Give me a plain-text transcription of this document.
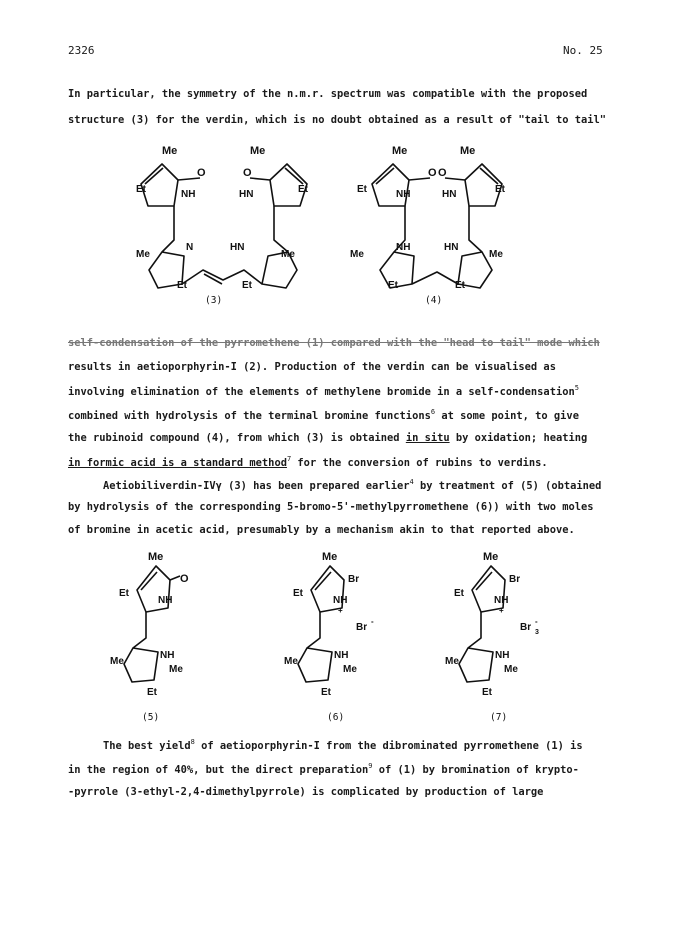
2326	No. 25
In particular, the symmetry of the n.m.r. spectrum was compatible with the proposed
structure (3) for the verdin, which is no doubt obtained as a result of "tail to tail"
Me	Me
O	O
Et	Et
NH	HN
Me
N	HN
Me
Et	Et
(3)
Me	Me
O O
Et	Et
NH	HN
Me
NH	HN
Me
Et	Et
(4)
self-condensation of the pyrromethene (1) compared with the "head to tail" mode which
results in aetioporphyrin-I (2). Production of the verdin can be visualised as
involving elimination of the elements of methylene bromide in a self-condensation$^5$
combined with hydrolysis of the terminal bromine functions$^6$ at some point, to give
the rubinoid compound (4), from which (3) is obtained in situ by oxidation; heating
in formic acid is a standard method$^7$ for the conversion of rubins to verdins.
Aetiobiliverdin-IVγ (3) has been prepared earlier$^4$ by treatment of (5) (obtained
by hydrolysis of the corresponding 5-bromo-5'-methylpyrromethene (6)) with two moles
of bromine in acetic acid, presumably by a mechanism akin to that reported above.
Me
O
Et
NH
Me
NH
Me
Et
(5)
Me
Br
Et
NH
+
Br
-
Me
NH
Me
Et
(6)
Me
Br
Et
NH
+
Br 3
-
Me
NH
Me
Et
(7)
The best yield$^8$ of aetioporphyrin-I from the dibrominated pyrromethene (1) is
in the region of 40%, but the direct preparation$^9$ of (1) by bromination of krypto-
-pyrrole (3-ethyl-2,4-dimethylpyrrole) is complicated by production of large
